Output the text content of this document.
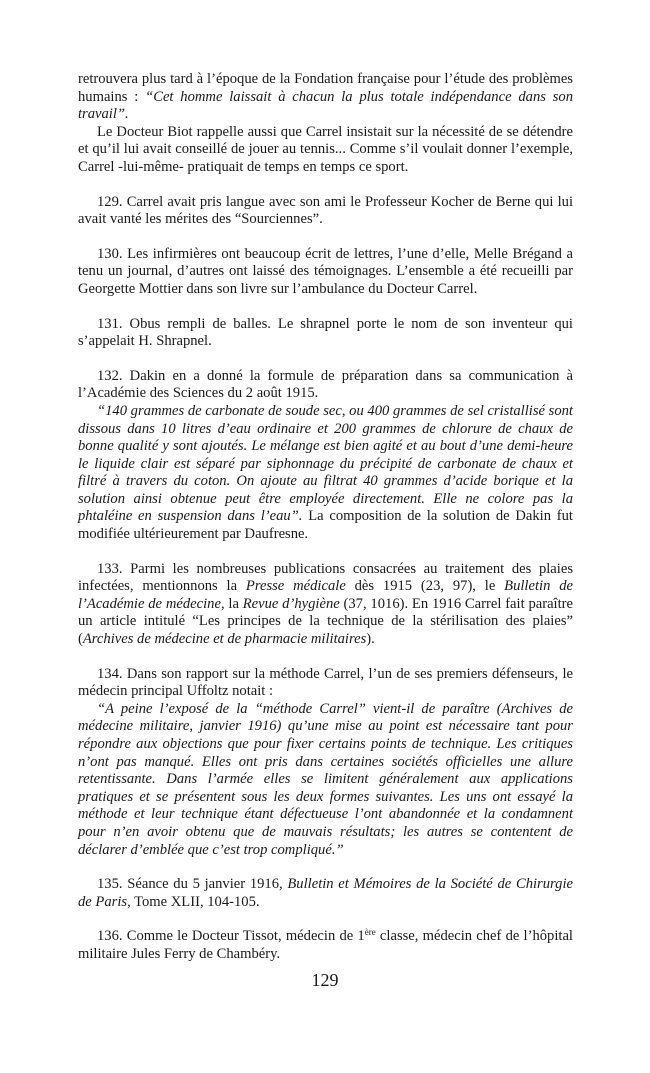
retrouvera plus tard à l’époque de la Fondation française pour l’étude des problèmes humains : “Cet homme laissait à chacun la plus totale indépendance dans son travail”.

Le Docteur Biot rappelle aussi que Carrel insistait sur la nécessité de se détendre et qu’il lui avait conseillé de jouer au tennis... Comme s’il voulait donner l’exemple, Carrel -lui-même- pratiquait de temps en temps ce sport.

129. Carrel avait pris langue avec son ami le Professeur Kocher de Berne qui lui avait vanté les mérites des “Sourciennes”.

130. Les infirmières ont beaucoup écrit de lettres, l’une d’elle, Melle Brégand a tenu un journal, d’autres ont laissé des témoignages. L’ensemble a été recueilli par Georgette Mottier dans son livre sur l’ambulance du Docteur Carrel.

131. Obus rempli de balles. Le shrapnel porte le nom de son inventeur qui s’appelait H. Shrapnel.

132. Dakin en a donné la formule de préparation dans sa communication à l’Académie des Sciences du 2 août 1915.

“140 grammes de carbonate de soude sec, ou 400 grammes de sel cristallisé sont dissous dans 10 litres d’eau ordinaire et 200 grammes de chlorure de chaux de bonne qualité y sont ajoutés. Le mélange est bien agité et au bout d’une demi-heure le liquide clair est séparé par siphonnage du précipité de carbonate de chaux et filtré à travers du coton. On ajoute au filtrat 40 grammes d’acide borique et la solution ainsi obtenue peut être employée directement. Elle ne colore pas la phtaléine en suspension dans l’eau”. La composition de la solution de Dakin fut modifiée ultérieurement par Daufresne.

133. Parmi les nombreuses publications consacrées au traitement des plaies infectées, mentionnons la Presse médicale dès 1915 (23, 97), le Bulletin de l’Académie de médecine, la Revue d’hygiène (37, 1016). En 1916 Carrel fait paraître un article intitulé “Les principes de la technique de la stérilisation des plaies” (Archives de médecine et de pharmacie militaires).

134. Dans son rapport sur la méthode Carrel, l’un de ses premiers défenseurs, le médecin principal Uffoltz notait :

“A peine l’exposé de la “méthode Carrel” vient-il de paraître (Archives de médecine militaire, janvier 1916) qu’une mise au point est nécessaire tant pour répondre aux objections que pour fixer certains points de technique. Les critiques n’ont pas manqué. Elles ont pris dans certaines sociétés officielles une allure retentissante. Dans l’armée elles se limitent généralement aux applications pratiques et se présentent sous les deux formes suivantes. Les uns ont essayé la méthode et leur technique étant défectueuse l’ont abandonnée et la condamnent pour n’en avoir obtenu que de mauvais résultats; les autres se contentent de déclarer d’emblée que c’est trop compliqué.”

135. Séance du 5 janvier 1916, Bulletin et Mémoires de la Société de Chirurgie de Paris, Tome XLII, 104-105.

136. Comme le Docteur Tissot, médecin de 1ère classe, médecin chef de l’hôpital militaire Jules Ferry de Chambéry.

129
